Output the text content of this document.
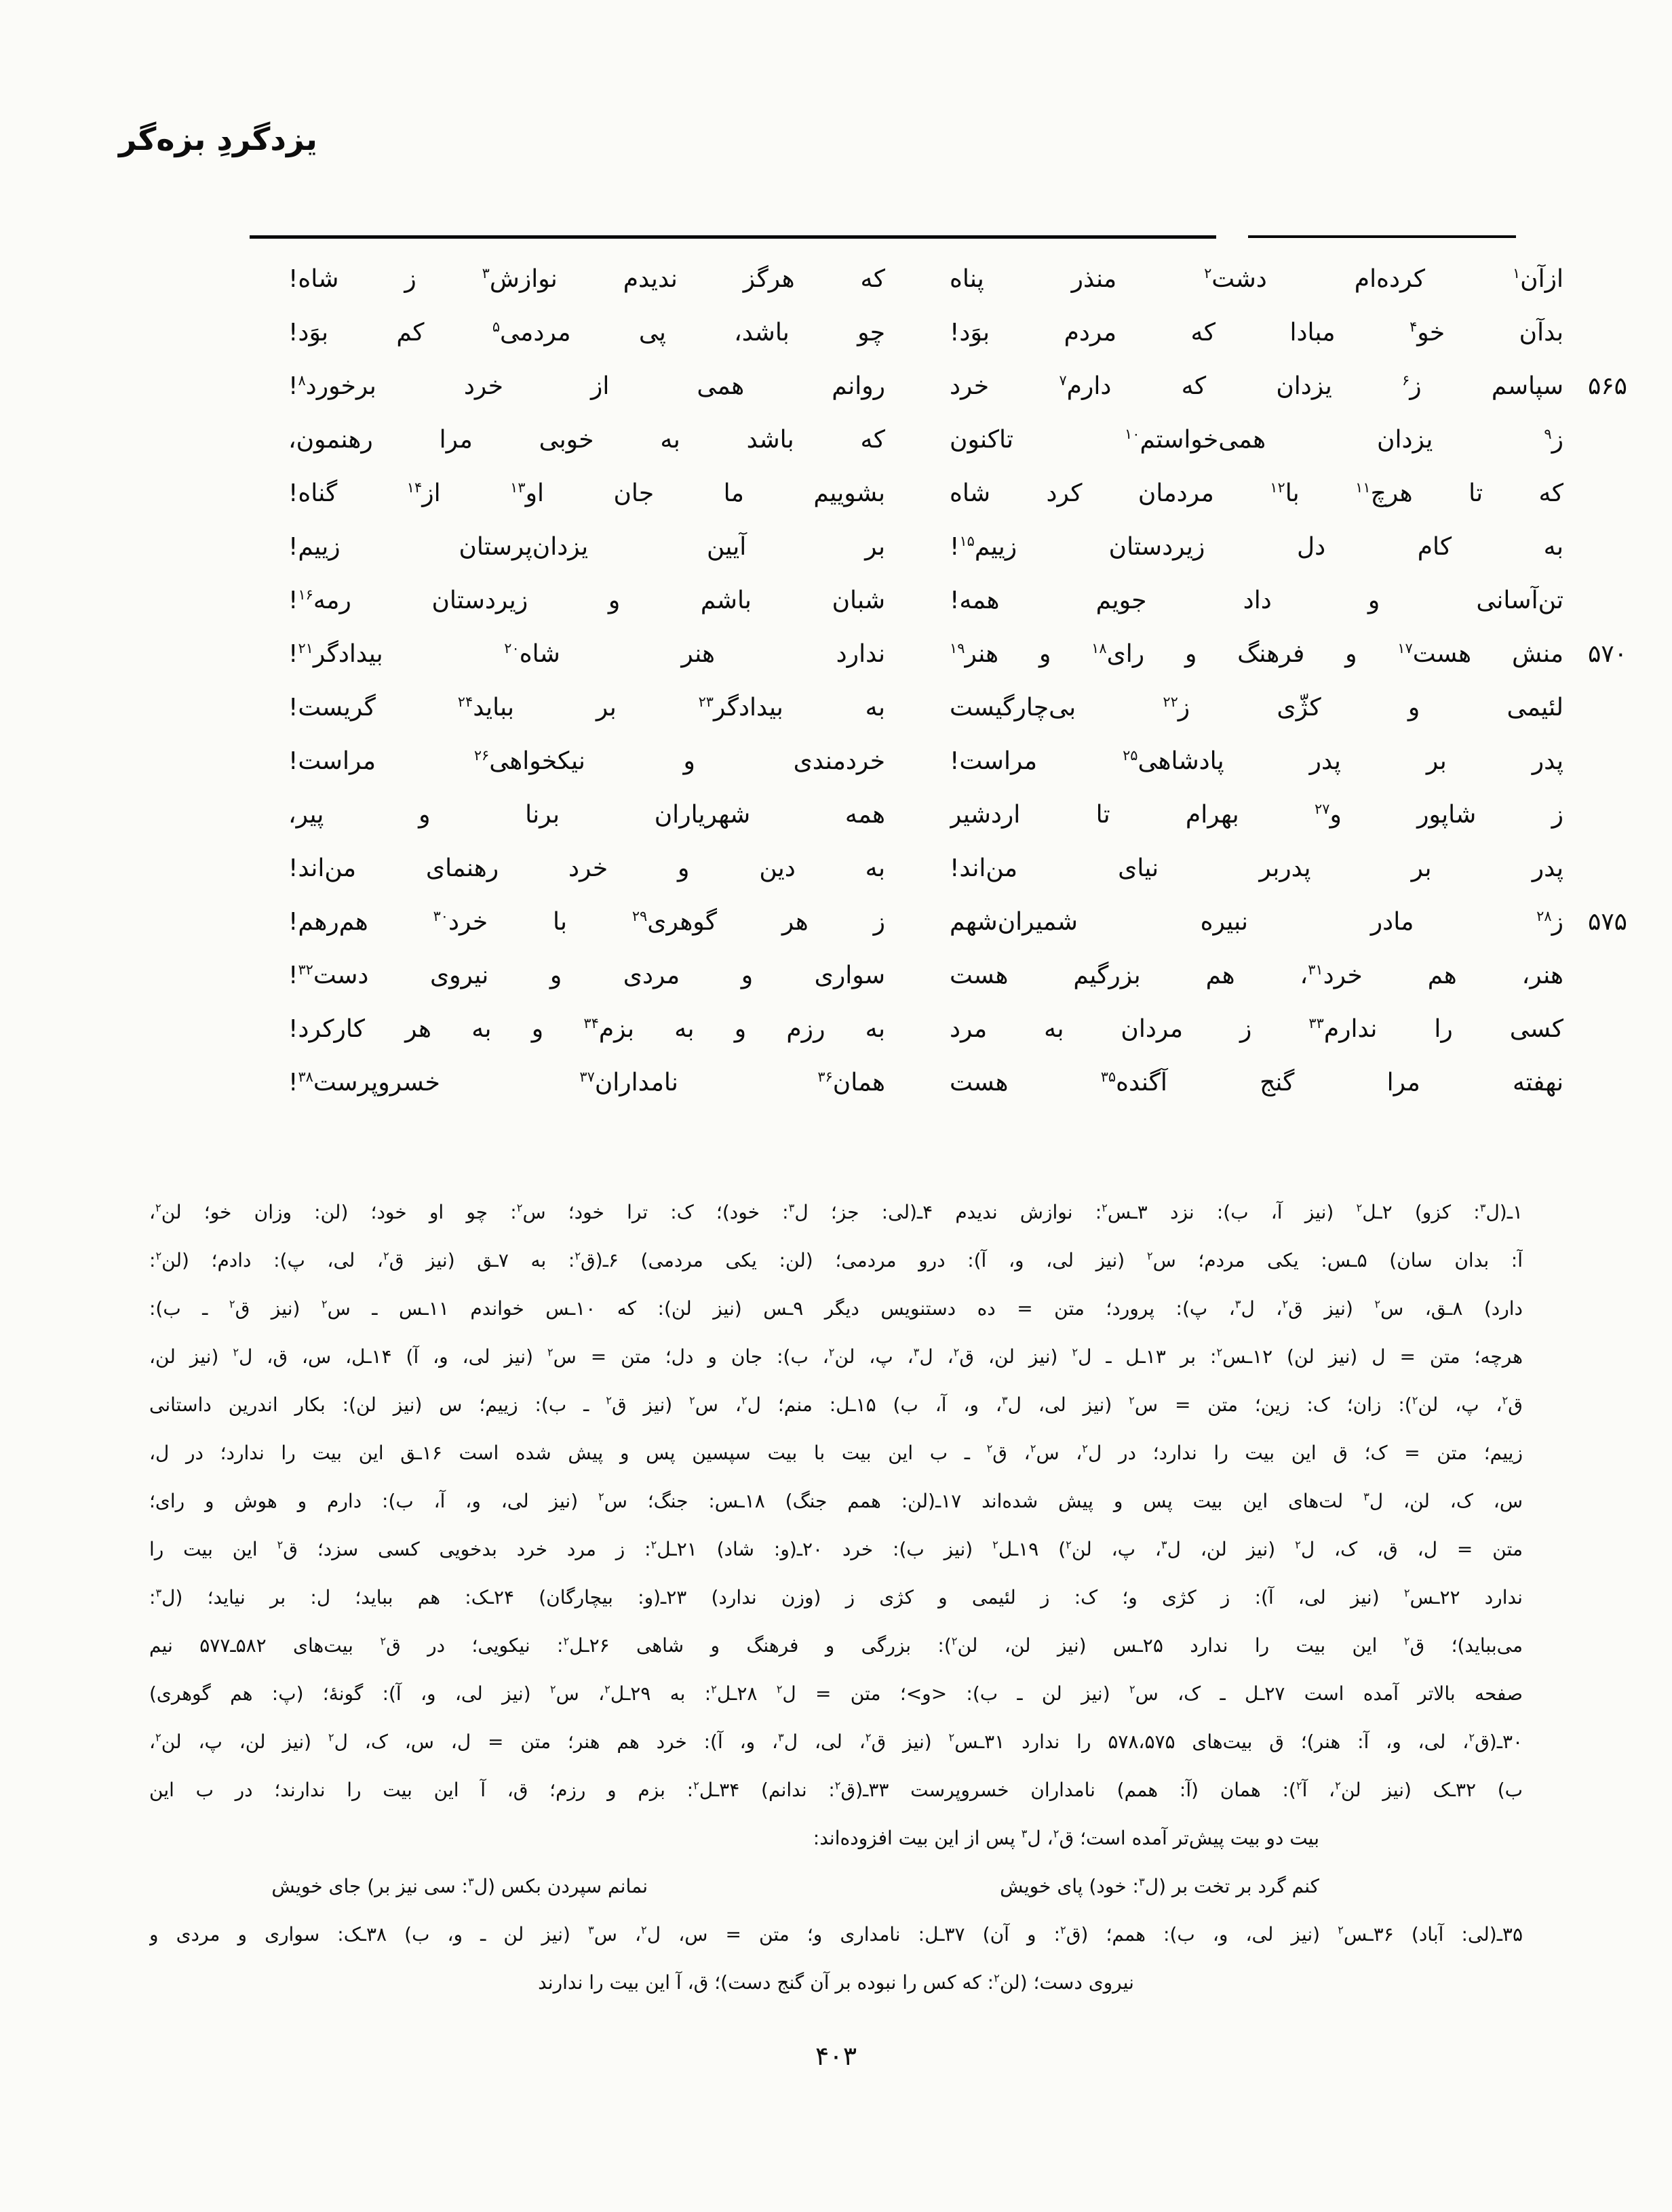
یزدگردِ بزه‌گر
ازآن$^۱$ کرده‌ام دشت$^۲$ منذر پناه
که هرگز ندیدم نوازش$^۳$ ز شاه!
بدآن خو$^۴$ مبادا که مردم بوَد!
چو باشد، پی مردمی$^۵$ کم بوَد!
۵۶۵
سپاسم ز$^۶$ یزدان که دارم$^۷$ خرد
روانم همی از خرد برخورد$^۸$!
ز$^۹$ یزدان همی‌خواستم$^{۱۰}$ تاکنون
که باشد به خوبی مرا رهنمون،
که تا هرچ$^{۱۱}$ با$^{۱۲}$ مردمان کرد شاه
بشوییم ما جان او$^{۱۳}$ از$^{۱۴}$ گناه!
به کام دل زیردستان زییم$^{۱۵}$!
بر آیین یزدان‌پرستان زییم!
تن‌آسانی و داد جویم همه!
شبان باشم و زیردستان رمه$^{۱۶}$!
۵۷۰
منش هست$^{۱۷}$ و فرهنگ و رای$^{۱۸}$ و هنر$^{۱۹}$
ندارد هنر شاه$^{۲۰}$ بیدادگر$^{۲۱}$!
لئیمی و کژّی ز$^{۲۲}$ بی‌چارگیست
به بیدادگر$^{۲۳}$ بر بباید$^{۲۴}$ گریست!
پدر بر پدر پادشاهی$^{۲۵}$ مراست!
خردمندی و نیکخواهی$^{۲۶}$ مراست!
ز شاپور و$^{۲۷}$ بهرام تا اردشیر
همه شهریاران برنا و پیر،
پدر بر پدربر نیای من‌اند!
به دین و خرد رهنمای من‌اند!
۵۷۵
ز$^{۲۸}$ مادر نبیره شمیران‌شهم
ز هر گوهری$^{۲۹}$ با خرد$^{۳۰}$ هم‌رهم!
هنر، هم خرد$^{۳۱}$، هم بزرگیم هست
سواری و مردی و نیروی دست$^{۳۲}$!
کسی را ندارم$^{۳۳}$ ز مردان به مرد
به رزم و به بزم$^{۳۴}$ و به هر کارکرد!
نهفته مرا گنج آگنده$^{۳۵}$ هست
همان$^{۳۶}$ نامداران$^{۳۷}$ خسروپرست$^{۳۸}$!
۱ـ(ل$^۳$: کزو) ۲ـل$^۲$ (نیز آ، ب): نزد ۳ـس$^۲$: نوازش ندیدم ۴ـ(لی: جز؛ ل$^۳$: خود)؛ ک: ترا خود؛ س$^۲$: چو او خود؛ (لن: وزان خو؛ لن$^۲$،
آ: بدان سان) ۵ـس: یکی مردم؛ س$^۲$ (نیز لی، و، آ): درو مردمی؛ (لن: یکی مردمی) ۶ـ(ق$^۲$: به ۷ـق (نیز ق$^۲$، لی، پ): دادم؛ (لن$^۲$:
دارد) ۸ـق، س$^۲$ (نیز ق$^۲$، ل$^۳$، پ): پرورد؛ متن = ده دستنویس دیگر ۹ـس (نیز لن): که ۱۰ـس خواندم ۱۱ـس ـ س$^۲$ (نیز ق$^۲$ ـ ب):
هرچه؛ متن = ل (نیز لن) ۱۲ـس$^۲$: بر ۱۳ـل ـ ل$^۲$ (نیز لن، ق$^۲$، ل$^۳$، پ، لن$^۲$، ب): جان و دل؛ متن = س$^۲$ (نیز لی، و، آ) ۱۴ـل، س، ق، ل$^۲$ (نیز لن،
ق$^۲$، پ، لن$^۲$): زان؛ ک: زین؛ متن = س$^۲$ (نیز لی، ل$^۳$، و، آ، ب) ۱۵ـل: منم؛ ل$^۲$، س$^۲$ (نیز ق$^۲$ ـ ب): زییم؛ س (نیز لن): بکار اندرین داستانی
زییم؛ متن = ک؛ ق این بیت را ندارد؛ در ل$^۲$، س$^۲$، ق$^۲$ ـ ب این بیت با بیت سپسین پس و پیش شده است ۱۶ـق این بیت را ندارد؛ در ل،
س، ک، لن، ل$^۳$ لت‌های این بیت پس و پیش شده‌اند ۱۷ـ(لن: همم جنگ) ۱۸ـس: جنگ؛ س$^۲$ (نیز لی، و، آ، ب): دارم و هوش و رای؛
متن = ل، ق، ک، ل$^۲$ (نیز لن، ل$^۳$، پ، لن$^۲$) ۱۹ـل$^۲$ (نیز ب): خرد ۲۰ـ(و: شاد) ۲۱ـل$^۲$: ز مرد خرد بدخویی کسی سزد؛ ق$^۲$ این بیت را
ندارد ۲۲ـس$^۲$ (نیز لی، آ): ز کژی و؛ ک: ز لئیمی و کژی ز (وزن ندارد) ۲۳ـ(و: بیچارگان) ۲۴ـک: هم بباید؛ ل: بر نیاید؛ (ل$^۳$:
می‌بباید)؛ ق$^۲$ این بیت را ندارد ۲۵ـس (نیز لن، لن$^۲$): بزرگی و فرهنگ و شاهی ۲۶ـل$^۲$: نیکویی؛ در ق$^۲$ بیت‌های ۵۸۲ـ۵۷۷ نیم
صفحه بالاتر آمده است ۲۷ـل ـ ک، س$^۲$ (نیز لن ـ ب): <و>؛ متن = ل$^۲$ ۲۸ـل$^۲$: به ۲۹ـل$^۲$، س$^۲$ (نیز لی، و، آ): گونهٔ؛ (پ: هم گوهری)
۳۰ـ(ق$^۲$، لی، و، آ: هنر)؛ ق بیت‌های ۵۷۸،۵۷۵ را ندارد ۳۱ـس$^۲$ (نیز ق$^۲$، لی، ل$^۳$، و، آ): خرد هم هنر؛ متن = ل، س، ک، ل$^۲$ (نیز لن، پ، لن$^۲$،
ب) ۳۲ـک (نیز لن$^۲$، آ$^۲$): همان (آ: همم) نامداران خسروپرست ۳۳ـ(ق$^۲$: ندانم) ۳۴ـل$^۲$: بزم و رزم؛ ق، آ این بیت را ندارند؛ در ب این
بیت دو بیت پیش‌تر آمده است؛ ق$^۲$، ل$^۳$ پس از این بیت افزوده‌اند:
کنم گرد بر تخت بر (ل$^۳$: خود) پای خویش
نمانم سپردن بکس (ل$^۳$: سی نیز بر) جای خویش
۳۵ـ(لی: آباد) ۳۶ـس$^۲$ (نیز لی، و، ب): همم؛ (ق$^۲$: و آن) ۳۷ـل: نامداری و؛ متن = س، ل$^۲$، س$^۳$ (نیز لن ـ و، ب) ۳۸ـک: سواری و مردی و
نیروی دست؛ (لن$^۲$: که کس را نبوده بر آن گنج دست)؛ ق، آ این بیت را ندارند
۴۰۳
